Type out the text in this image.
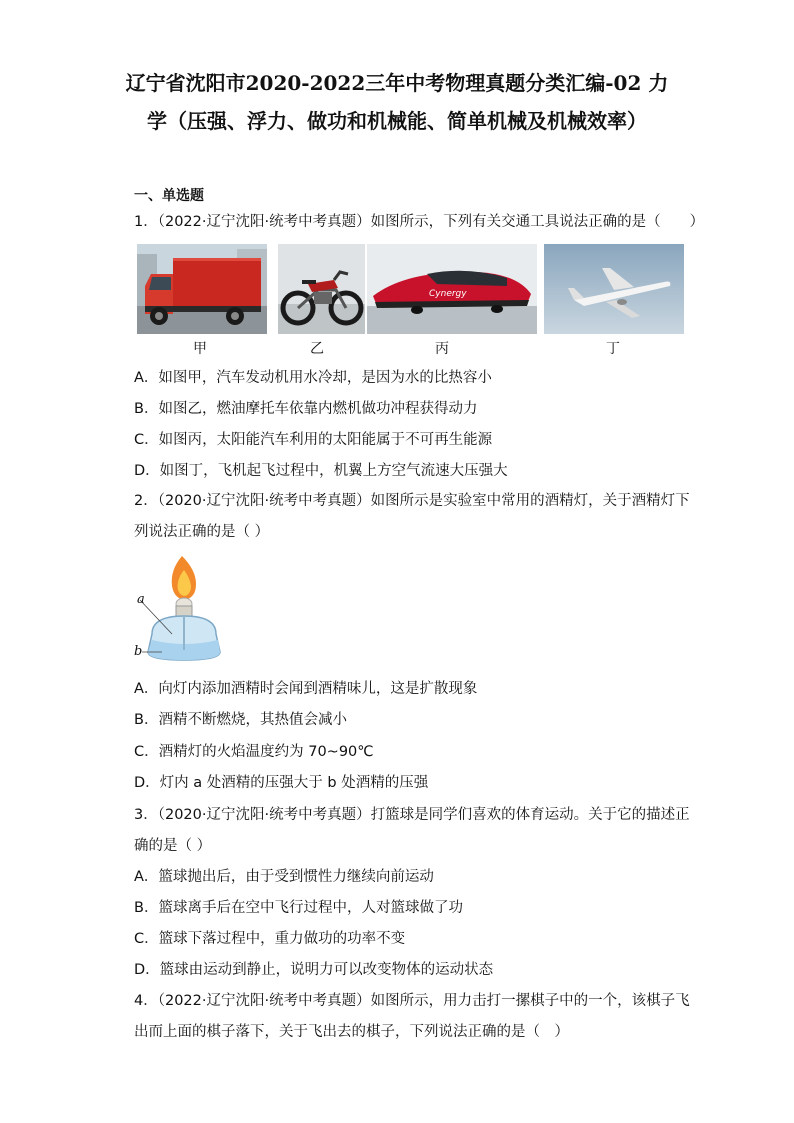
辽宁省沈阳市2020-2022三年中考物理真题分类汇编-02 力
学（压强、浮力、做功和机械能、简单机械及机械效率）
一、单选题
1．（2022·辽宁沈阳·统考中考真题）如图所示，下列有关交通工具说法正确的是（　　）
Cynergy
甲	乙	丙	丁
A．如图甲，汽车发动机用水冷却，是因为水的比热容小
B．如图乙，燃油摩托车依靠内燃机做功冲程获得动力
C．如图丙，太阳能汽车利用的太阳能属于不可再生能源
D．如图丁，飞机起飞过程中，机翼上方空气流速大压强大
2．（2020·辽宁沈阳·统考中考真题）如图所示是实验室中常用的酒精灯，关于酒精灯下
列说法正确的是（ ）
a
b
A．向灯内添加酒精时会闻到酒精味儿，这是扩散现象
B．酒精不断燃烧，其热值会减小
C．酒精灯的火焰温度约为 70~90℃
D．灯内 a 处酒精的压强大于 b 处酒精的压强
3．（2020·辽宁沈阳·统考中考真题）打篮球是同学们喜欢的体育运动。关于它的描述正
确的是（ ）
A．篮球抛出后，由于受到惯性力继续向前运动
B．篮球离手后在空中飞行过程中，人对篮球做了功
C．篮球下落过程中，重力做功的功率不变
D．篮球由运动到静止，说明力可以改变物体的运动状态
4．（2022·辽宁沈阳·统考中考真题）如图所示，用力击打一摞棋子中的一个，该棋子飞
出而上面的棋子落下，关于飞出去的棋子，下列说法正确的是（　）
